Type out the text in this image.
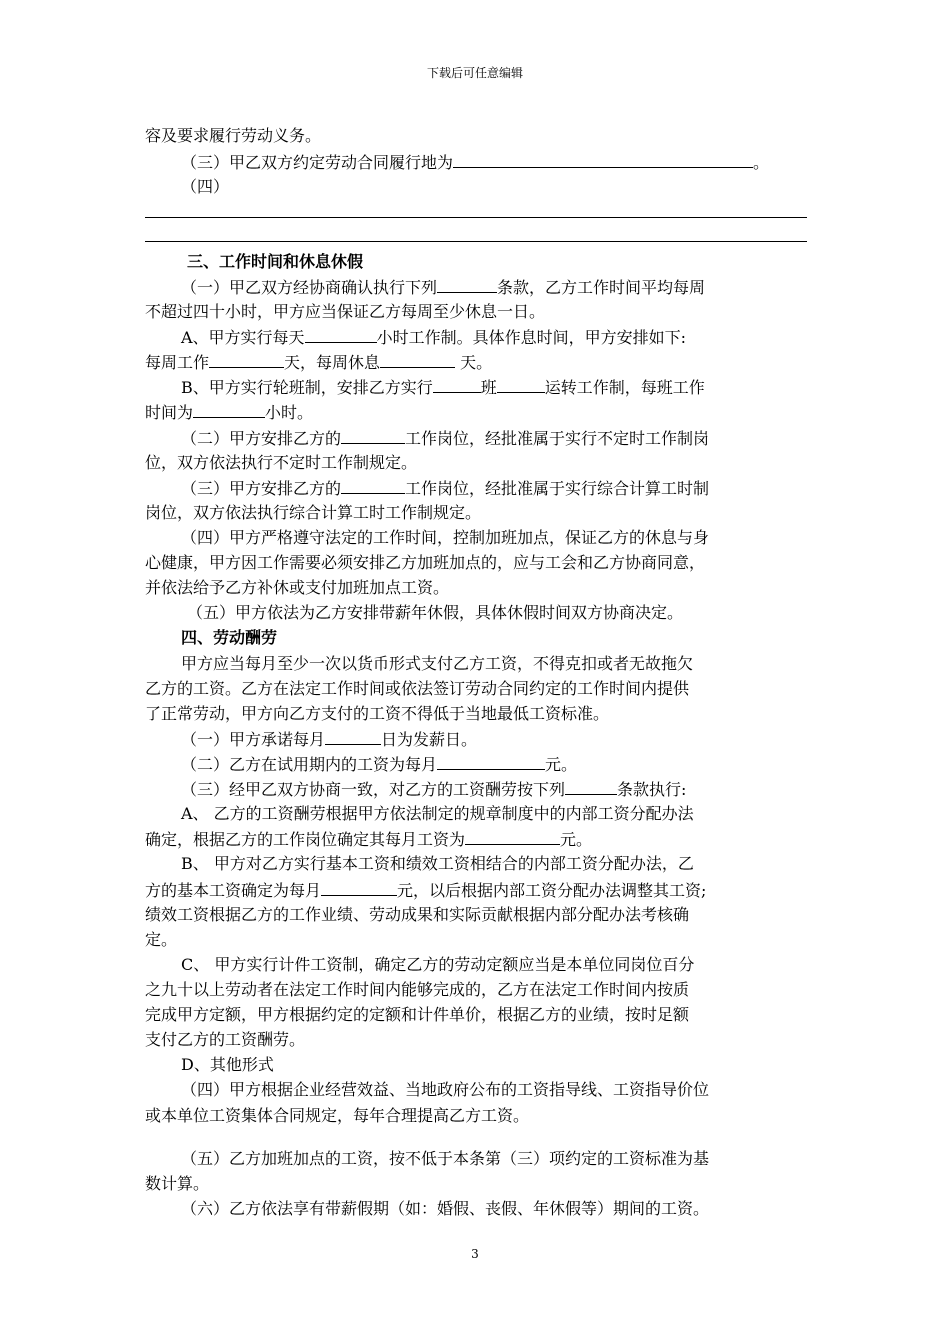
下载后可任意编辑
容及要求履行劳动义务。
（三）甲乙双方约定劳动合同履行地为	。
（四）
三、工作时间和休息休假
（一）甲乙双方经协商确认执行下列	条款，乙方工作时间平均每周
不超过四十小时，甲方应当保证乙方每周至少休息一日。
A、甲方实行每天	小时工作制。具体作息时间，甲方安排如下:
每周工作	天，每周休息	天。
B、甲方实行轮班制，安排乙方实行	班	运转工作制，每班工作
时间为	小时。
（二）甲方安排乙方的	工作岗位，经批准属于实行不定时工作制岗
位，双方依法执行不定时工作制规定。
（三）甲方安排乙方的	工作岗位，经批准属于实行综合计算工时制
岗位，双方依法执行综合计算工时工作制规定。
（四）甲方严格遵守法定的工作时间，控制加班加点，保证乙方的休息与身
心健康，甲方因工作需要必须安排乙方加班加点的，应与工会和乙方协商同意，
并依法给予乙方补休或支付加班加点工资。
（五）甲方依法为乙方安排带薪年休假，具体休假时间双方协商决定。
四、劳动酬劳
甲方应当每月至少一次以货币形式支付乙方工资，不得克扣或者无故拖欠
乙方的工资。乙方在法定工作时间或依法签订劳动合同约定的工作时间内提供
了正常劳动，甲方向乙方支付的工资不得低于当地最低工资标准。
（一）甲方承诺每月	日为发薪日。
（二）乙方在试用期内的工资为每月	元。
（三）经甲乙双方协商一致，对乙方的工资酬劳按下列	条款执行:
A、 乙方的工资酬劳根据甲方依法制定的规章制度中的内部工资分配办法
确定，根据乙方的工作岗位确定其每月工资为	元。
B、 甲方对乙方实行基本工资和绩效工资相结合的内部工资分配办法，乙
方的基本工资确定为每月	元，以后根据内部工资分配办法调整其工资;
绩效工资根据乙方的工作业绩、劳动成果和实际贡献根据内部分配办法考核确
定。
C、 甲方实行计件工资制，确定乙方的劳动定额应当是本单位同岗位百分
之九十以上劳动者在法定工作时间内能够完成的，乙方在法定工作时间内按质
完成甲方定额，甲方根据约定的定额和计件单价，根据乙方的业绩，按时足额
支付乙方的工资酬劳。
D、其他形式
（四）甲方根据企业经营效益、当地政府公布的工资指导线、工资指导价位
或本单位工资集体合同规定，每年合理提高乙方工资。
（五）乙方加班加点的工资，按不低于本条第（三）项约定的工资标准为基
数计算。
（六）乙方依法享有带薪假期（如：婚假、丧假、年休假等）期间的工资。
3
